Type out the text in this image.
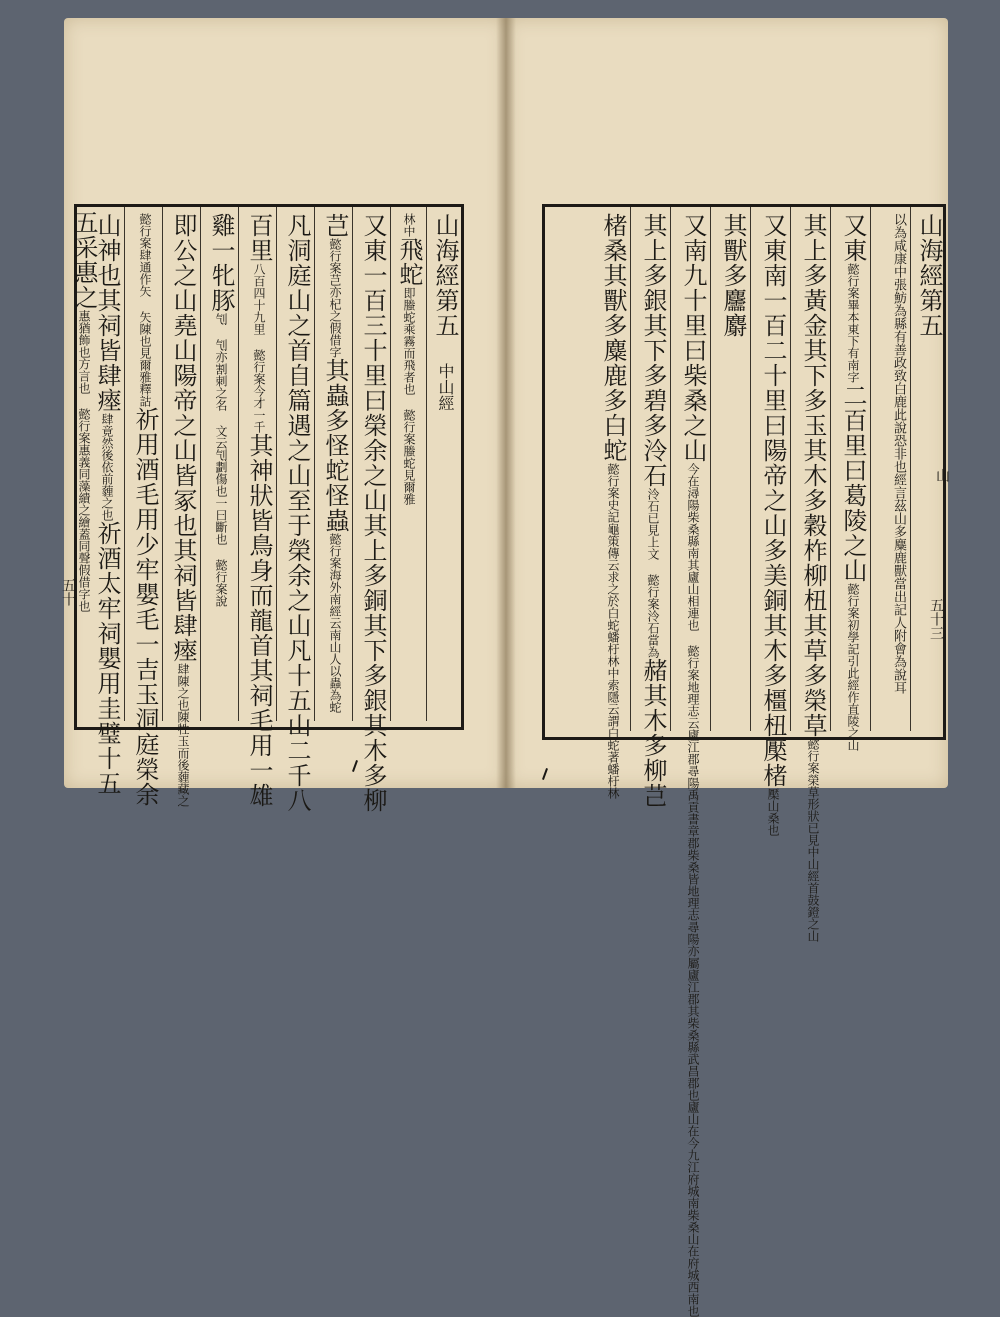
山海經第五　中山經
林中飛蛇即螣蛇乘霧而飛者也 懿行案螣蛇見爾雅
又東一百三十里曰榮余之山其上多銅其下多銀其木多柳
芑懿行案芑亦杞之假借字其蟲多怪蛇怪蟲懿行案海外南經云南山人以蟲為蛇
凡洞庭山之首自篇遇之山至于榮余之山凡十五山二千八
百里八百四十九里 懿行案今才一千其神狀皆鳥身而龍首其祠毛用一雄
雞一牝豚刏 刏亦割刺之名 文云刏劃傷也一曰斷也 懿行案說
即公之山堯山陽帝之山皆冢也其祠皆肆瘞肆陳之也陳牲玉而後薶藏之
懿行案肆通作矢 矢陳也見爾雅釋詁祈用酒毛用少牢嬰毛一吉玉洞庭榮余
山神也其祠皆肆瘞肆竟然後依前薶之也祈酒太牢祠嬰用圭璧十五
五采惠之惠猶飾也方言也 懿行案惠義同藻繢之繪蓋同聲假借字也
五十
五十三
山海經第五
以為咸康中張魴為縣有善政致白鹿此說恐非也經言茲山多麋鹿獸當出記人附會為說耳
又東懿行案畢本東下有南字二百里曰葛陵之山懿行案初學記引此經作直陵之山
其上多黃金其下多玉其木多穀柞柳杻其草多榮草懿行案榮草形狀已見中山經首鼓鐙之山
又東南一百二十里曰陽帝之山多美銅其木多橿杻檿楮檿山桑也
其獸多麢麝
又南九十里曰柴桑之山今在潯陽柴桑縣南其廬山相連也 懿行案地理志云廬江郡尋陽禹貢書章郡柴桑皆地理志尋陽亦屬廬江郡其柴桑縣武昌郡也廬山在今九江府城南柴桑山在府城西南也
其上多銀其下多碧多泠石泠石已見上文 懿行案泠石當為赭其木多柳芑
楮桑其獸多麋鹿多白蛇懿行案史記龜策傳云求之於白蛇蟠杅林中索隱云謂白蛇著蟠杅林	山
